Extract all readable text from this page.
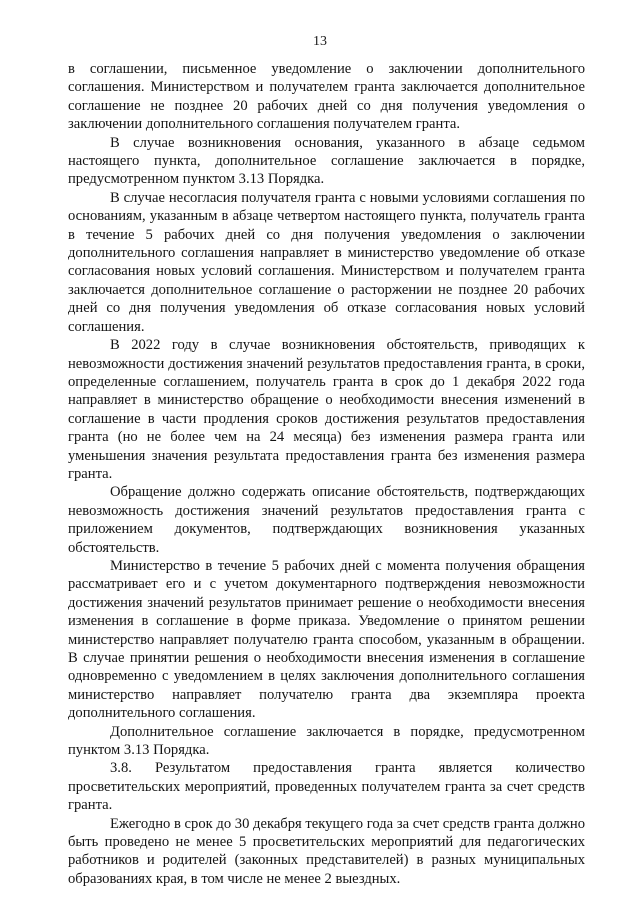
13

в соглашении, письменное уведомление о заключении дополнительного соглашения. Министерством и получателем гранта заключается дополнительное соглашение не позднее 20 рабочих дней со дня получения уведомления о заключении дополнительного соглашения получателем гранта.

В случае возникновения основания, указанного в абзаце седьмом настоящего пункта, дополнительное соглашение заключается в порядке, предусмотренном пунктом 3.13 Порядка.

В случае несогласия получателя гранта с новыми условиями соглашения по основаниям, указанным в абзаце четвертом настоящего пункта, получатель гранта в течение 5 рабочих дней со дня получения уведомления о заключении дополнительного соглашения направляет в министерство уведомление об отказе согласования новых условий соглашения. Министерством и получателем гранта заключается дополнительное соглашение о расторжении не позднее 20 рабочих дней со дня получения уведомления об отказе согласования новых условий соглашения.

В 2022 году в случае возникновения обстоятельств, приводящих к невозможности достижения значений результатов предоставления гранта, в сроки, определенные соглашением, получатель гранта в срок до 1 декабря 2022 года направляет в министерство обращение о необходимости внесения изменений в соглашение в части продления сроков достижения результатов предоставления гранта (но не более чем на 24 месяца) без изменения размера гранта или уменьшения значения результата предоставления гранта без изменения размера гранта.

Обращение должно содержать описание обстоятельств, подтверждающих невозможность достижения значений результатов предоставления гранта с приложением документов, подтверждающих возникновения указанных обстоятельств.

Министерство в течение 5 рабочих дней с момента получения обращения рассматривает его и с учетом документарного подтверждения невозможности достижения значений результатов принимает решение о необходимости внесения изменения в соглашение в форме приказа. Уведомление о принятом решении министерство направляет получателю гранта способом, указанным в обращении. В случае принятии решения о необходимости внесения изменения в соглашение одновременно с уведомлением в целях заключения дополнительного соглашения министерство направляет получателю гранта два экземпляра проекта дополнительного соглашения.

Дополнительное соглашение заключается в порядке, предусмотренном пунктом 3.13 Порядка.

3.8. Результатом предоставления гранта является количество просветительских мероприятий, проведенных получателем гранта за счет средств гранта.

Ежегодно в срок до 30 декабря текущего года за счет средств гранта должно быть проведено не менее 5 просветительских мероприятий для педагогических работников и родителей (законных представителей) в разных муниципальных образованиях края, в том числе не менее 2 выездных.
